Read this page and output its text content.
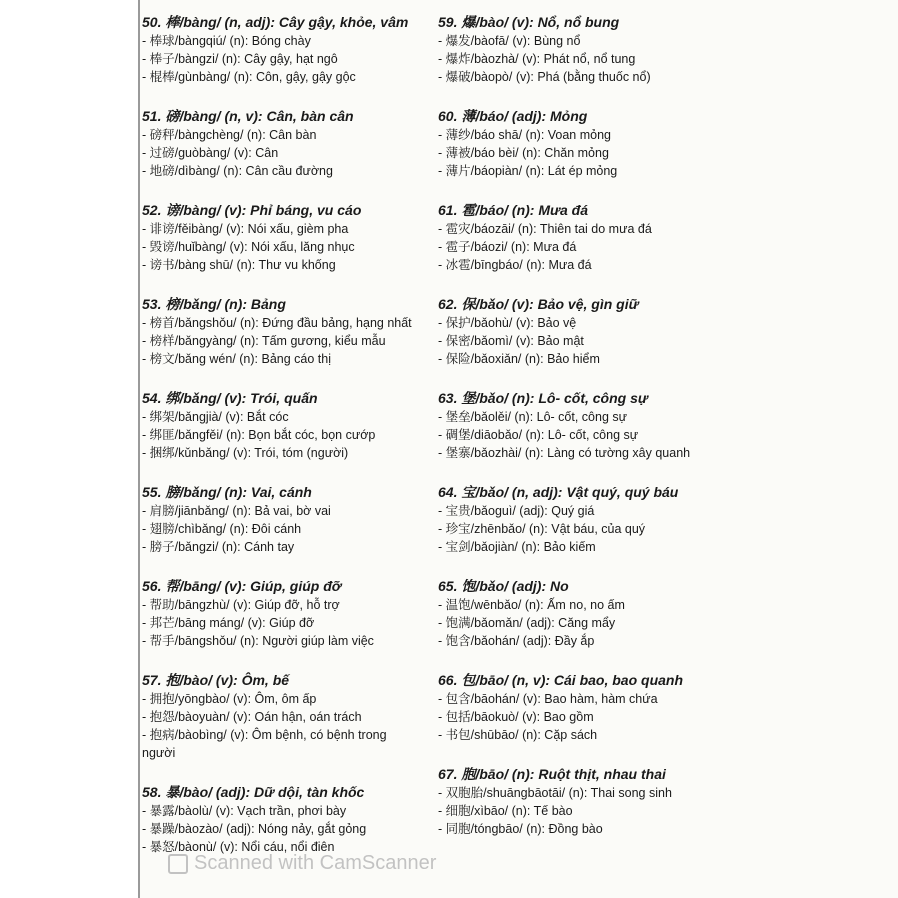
50. 棒/bàng/ (n, adj): Cây gậy, khỏe, vâm
- 棒球/bàngqiú/ (n): Bóng chày
- 棒子/bàngzi/ (n): Cây gậy, hạt ngô
- 棍棒/gùnbàng/ (n): Côn, gậy, gậy gộc
51. 磅/bàng/ (n, v): Cân, bàn cân
- 磅秤/bàngchèng/ (n): Cân bàn
- 过磅/guòbàng/ (v): Cân
- 地磅/dìbàng/ (n): Cân cầu đường
52. 谤/bàng/ (v): Phỉ báng, vu cáo
- 诽谤/fěibàng/ (v): Nói xấu, gièm pha
- 毁谤/huǐbàng/ (v): Nói xấu, lăng nhục
- 谤书/bàng shū/ (n): Thư vu khống
53. 榜/bǎng/ (n): Bảng
- 榜首/bǎngshǒu/ (n): Đứng đầu bảng, hạng nhất
- 榜样/bǎngyàng/ (n): Tấm gương, kiểu mẫu
- 榜文/bǎng wén/ (n): Bảng cáo thị
54. 绑/bǎng/ (v): Trói, quấn
- 绑架/bǎngjià/ (v): Bắt cóc
- 绑匪/bǎngfěi/ (n): Bọn bắt cóc, bọn cướp
- 捆绑/kǔnbǎng/ (v): Trói, tóm (người)
55. 膀/bǎng/ (n): Vai, cánh
- 肩膀/jiānbǎng/ (n): Bả vai, bờ vai
- 翅膀/chìbǎng/ (n): Đôi cánh
- 膀子/bǎngzi/ (n): Cánh tay
56. 帮/bāng/ (v): Giúp, giúp đỡ
- 帮助/bāngzhù/ (v): Giúp đỡ, hỗ trợ
- 邦芒/bāng máng/ (v): Giúp đỡ
- 帮手/bāngshǒu/ (n): Người giúp làm việc
57. 抱/bào/ (v): Ôm, bế
- 拥抱/yōngbào/ (v): Ôm, ôm ấp
- 抱怨/bàoyuàn/ (v): Oán hận, oán trách
- 抱病/bàobìng/ (v): Ôm bệnh, có bệnh trong người
58. 暴/bào/ (adj): Dữ dội, tàn khốc
- 暴露/bàolù/ (v): Vạch trần, phơi bày
- 暴躁/bàozào/ (adj): Nóng nảy, gắt gỏng
- 暴怒/bàonù/ (v): Nổi cáu, nổi điên
59. 爆/bào/ (v): Nổ, nổ bung
- 爆发/bàofā/ (v): Bùng nổ
- 爆炸/bàozhà/ (v): Phát nổ, nổ tung
- 爆破/bàopò/ (v): Phá (bằng thuốc nổ)
60. 薄/báo/ (adj): Mỏng
- 薄纱/báo shā/ (n): Voan mỏng
- 薄被/báo bèi/ (n): Chăn mỏng
- 薄片/báopiàn/ (n): Lát ép mỏng
61. 雹/báo/ (n): Mưa đá
- 雹灾/báozāi/ (n): Thiên tai do mưa đá
- 雹子/báozi/ (n): Mưa đá
- 冰雹/bīngbáo/ (n): Mưa đá
62. 保/bǎo/ (v): Bảo vệ, gìn giữ
- 保护/bǎohù/ (v): Bảo vệ
- 保密/bǎomì/ (v): Bảo mật
- 保险/bǎoxiǎn/ (n): Bảo hiểm
63. 堡/bǎo/ (n): Lô- cốt, công sự
- 堡垒/bǎolěi/ (n): Lô- cốt, công sự
- 碉堡/diāobǎo/ (n): Lô- cốt, công sự
- 堡寨/bǎozhài/ (n): Làng có tường xây quanh
64. 宝/bǎo/ (n, adj): Vật quý, quý báu
- 宝贵/bǎoguì/ (adj): Quý giá
- 珍宝/zhēnbǎo/ (n): Vật báu, của quý
- 宝剑/bǎojiàn/ (n): Bảo kiếm
65. 饱/bǎo/ (adj): No
- 温饱/wēnbǎo/ (n): Ấm no, no ấm
- 饱满/bǎomǎn/ (adj): Căng mẩy
- 饱含/bǎohán/ (adj): Đầy ắp
66. 包/bāo/ (n, v): Cái bao, bao quanh
- 包含/bāohán/ (v): Bao hàm, hàm chứa
- 包括/bāokuò/ (v): Bao gồm
- 书包/shūbāo/ (n): Cặp sách
67. 胞/bāo/ (n): Ruột thịt, nhau thai
- 双胞胎/shuāngbāotāi/ (n): Thai song sinh
- 细胞/xìbāo/ (n): Tế bào
- 同胞/tóngbāo/ (n): Đồng bào
Scanned with CamScanner
